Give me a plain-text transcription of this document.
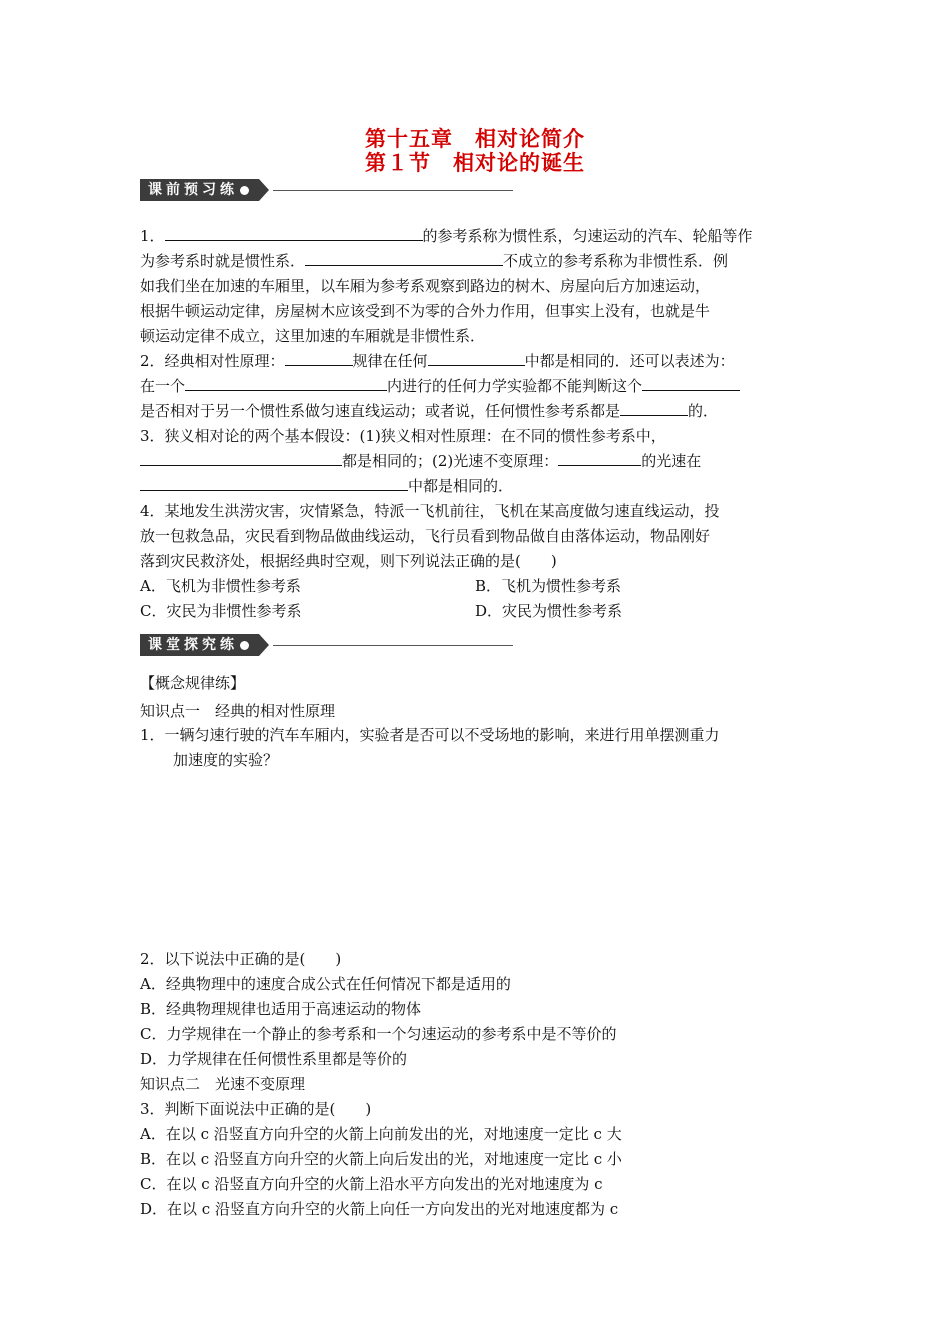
第十五章　相对论简介
第１节　相对论的诞生
课前预习练
1．	的参考系称为惯性系，匀速运动的汽车、轮船等作
为参考系时就是惯性系．	不成立的参考系称为非惯性系．例
如我们坐在加速的车厢里，以车厢为参考系观察到路边的树木、房屋向后方加速运动，
根据牛顿运动定律，房屋树木应该受到不为零的合外力作用，但事实上没有，也就是牛
顿运动定律不成立，这里加速的车厢就是非惯性系．
2．经典相对性原理：	规律在任何	中都是相同的．还可以表述为：
在一个	内进行的任何力学实验都不能判断这个
是否相对于另一个惯性系做匀速直线运动；或者说，任何惯性参考系都是	的．
3．狭义相对论的两个基本假设：(1)狭义相对性原理：在不同的惯性参考系中，
都是相同的；(2)光速不变原理：	的光速在
中都是相同的．
4．某地发生洪涝灾害，灾情紧急，特派一飞机前往，飞机在某高度做匀速直线运动，投
放一包救急品，灾民看到物品做曲线运动，飞行员看到物品做自由落体运动，物品刚好
落到灾民救济处，根据经典时空观，则下列说法正确的是(　　)
A．飞机为非惯性参考系	B．飞机为惯性参考系
C．灾民为非惯性参考系	D．灾民为惯性参考系
课堂探究练
【概念规律练】
知识点一　经典的相对性原理
1．一辆匀速行驶的汽车车厢内，实验者是否可以不受场地的影响，来进行用单摆测重力
加速度的实验？
2．以下说法中正确的是(　　)
A．经典物理中的速度合成公式在任何情况下都是适用的
B．经典物理规律也适用于高速运动的物体
C．力学规律在一个静止的参考系和一个匀速运动的参考系中是不等价的
D．力学规律在任何惯性系里都是等价的
知识点二　光速不变原理
3．判断下面说法中正确的是(　　)
A．在以 c 沿竖直方向升空的火箭上向前发出的光，对地速度一定比 c 大
B．在以 c 沿竖直方向升空的火箭上向后发出的光，对地速度一定比 c 小
C．在以 c 沿竖直方向升空的火箭上沿水平方向发出的光对地速度为 c
D．在以 c 沿竖直方向升空的火箭上向任一方向发出的光对地速度都为 c
